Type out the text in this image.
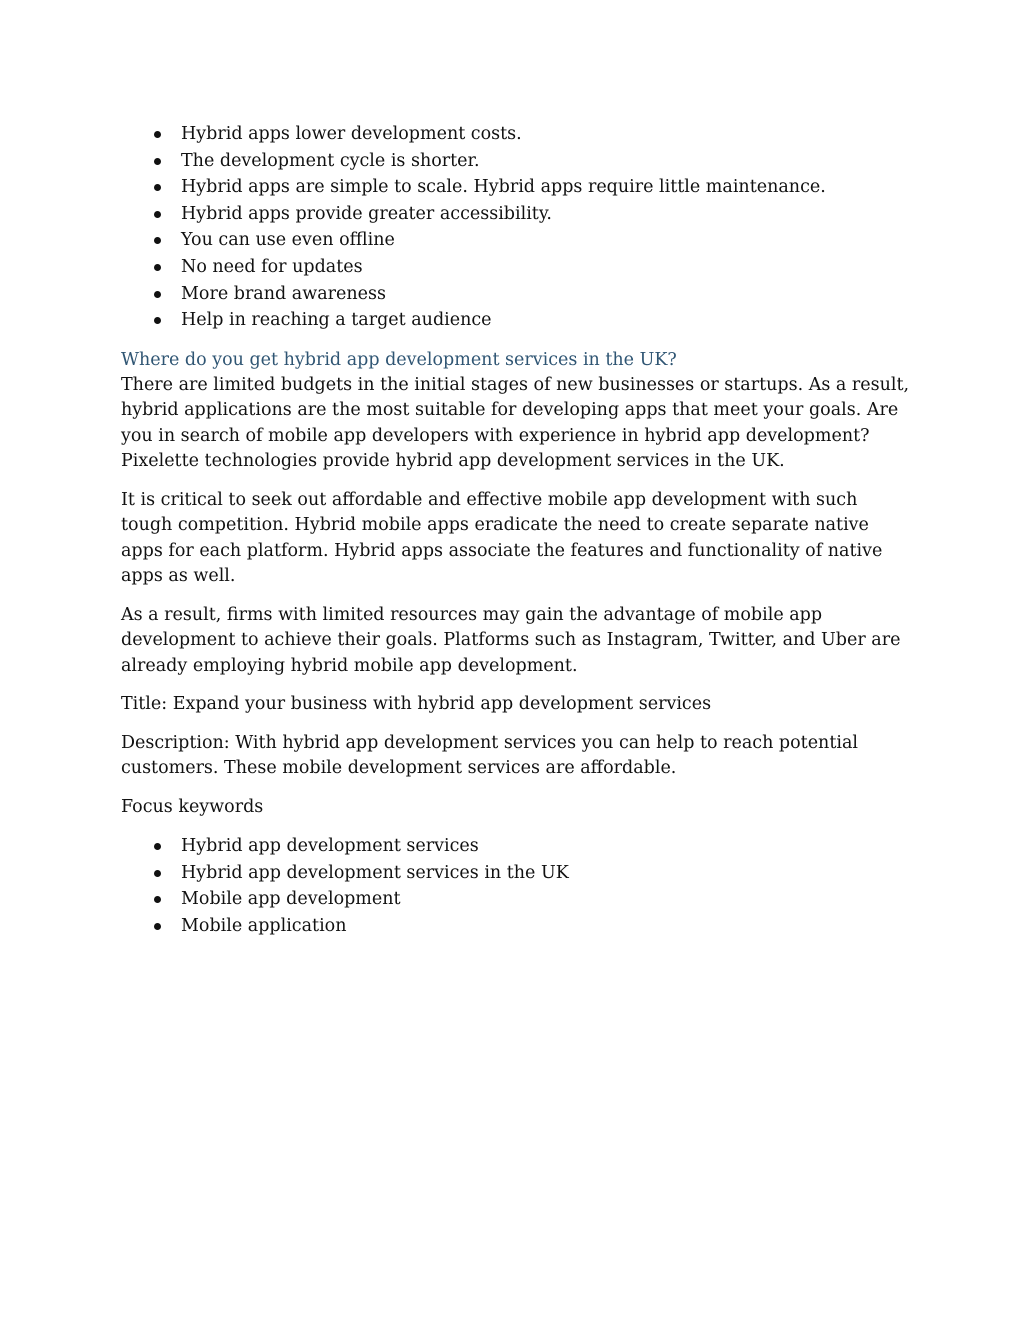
Hybrid apps lower development costs.
The development cycle is shorter.
Hybrid apps are simple to scale. Hybrid apps require little maintenance.
Hybrid apps provide greater accessibility.
You can use even offline
No need for updates
More brand awareness
Help in reaching a target audience
Where do you get hybrid app development services in the UK?

There are limited budgets in the initial stages of new businesses or startups. As a result, hybrid applications are the most suitable for developing apps that meet your goals. Are you in search of mobile app developers with experience in hybrid app development? Pixelette technologies provide hybrid app development services in the UK.

It is critical to seek out affordable and effective mobile app development with such tough competition. Hybrid mobile apps eradicate the need to create separate native apps for each platform. Hybrid apps associate the features and functionality of native apps as well.

As a result, firms with limited resources may gain the advantage of mobile app development to achieve their goals. Platforms such as Instagram, Twitter, and Uber are already employing hybrid mobile app development.

Title: Expand your business with hybrid app development services

Description: With hybrid app development services you can help to reach potential customers. These mobile development services are affordable.

Focus keywords

Hybrid app development services
Hybrid app development services in the UK
Mobile app development
Mobile application
